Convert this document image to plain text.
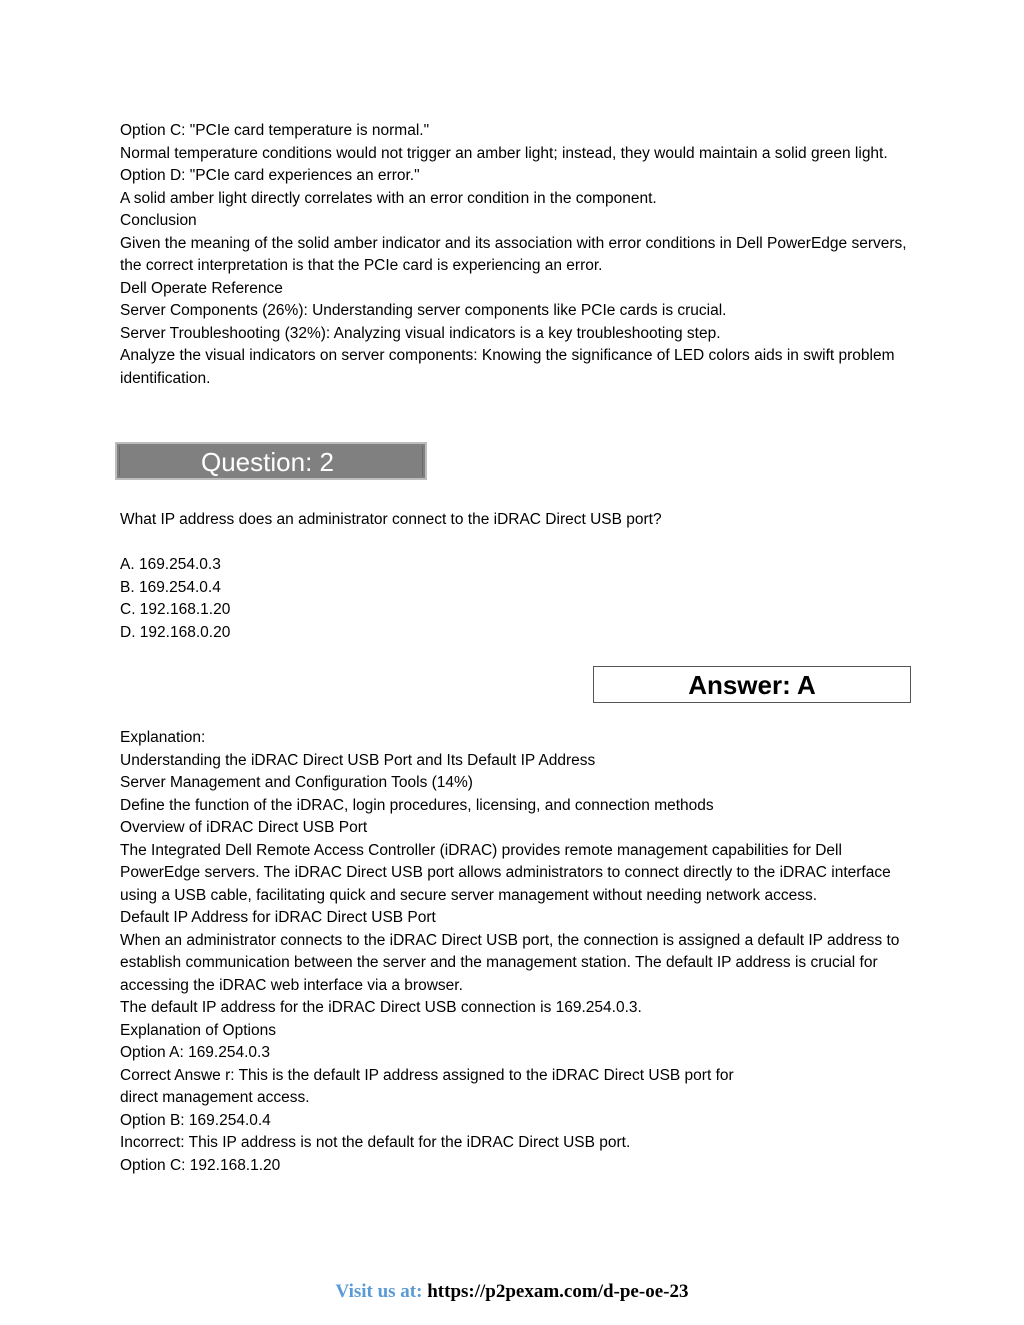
Option C: "PCIe card temperature is normal."

Normal temperature conditions would not trigger an amber light; instead, they would maintain a solid green light.

Option D: "PCIe card experiences an error."

A solid amber light directly correlates with an error condition in the component.

Conclusion

Given the meaning of the solid amber indicator and its association with error conditions in Dell PowerEdge servers, the correct interpretation is that the PCIe card is experiencing an error.

Dell Operate Reference

Server Components (26%): Understanding server components like PCIe cards is crucial.

Server Troubleshooting (32%): Analyzing visual indicators is a key troubleshooting step.

Analyze the visual indicators on server components: Knowing the significance of LED colors aids in swift problem identification.

Question: 2

What IP address does an administrator connect to the iDRAC Direct USB port?

A. 169.254.0.3

B. 169.254.0.4

C. 192.168.1.20

D. 192.168.0.20

Answer: A

Explanation:

Understanding the iDRAC Direct USB Port and Its Default IP Address

Server Management and Configuration Tools (14%)

Define the function of the iDRAC, login procedures, licensing, and connection methods

Overview of iDRAC Direct USB Port

The Integrated Dell Remote Access Controller (iDRAC) provides remote management capabilities for Dell PowerEdge servers. The iDRAC Direct USB port allows administrators to connect directly to the iDRAC interface using a USB cable, facilitating quick and secure server management without needing network access.

Default IP Address for iDRAC Direct USB Port

When an administrator connects to the iDRAC Direct USB port, the connection is assigned a default IP address to establish communication between the server and the management station. The default IP address is crucial for accessing the iDRAC web interface via a browser.

The default IP address for the iDRAC Direct USB connection is 169.254.0.3.

Explanation of Options

Option A: 169.254.0.3

Correct Answe r: This is the default IP address assigned to the iDRAC Direct USB port for

direct management access.

Option B: 169.254.0.4

Incorrect: This IP address is not the default for the iDRAC Direct USB port.

Option C: 192.168.1.20

Visit us at: https://p2pexam.com/d-pe-oe-23
